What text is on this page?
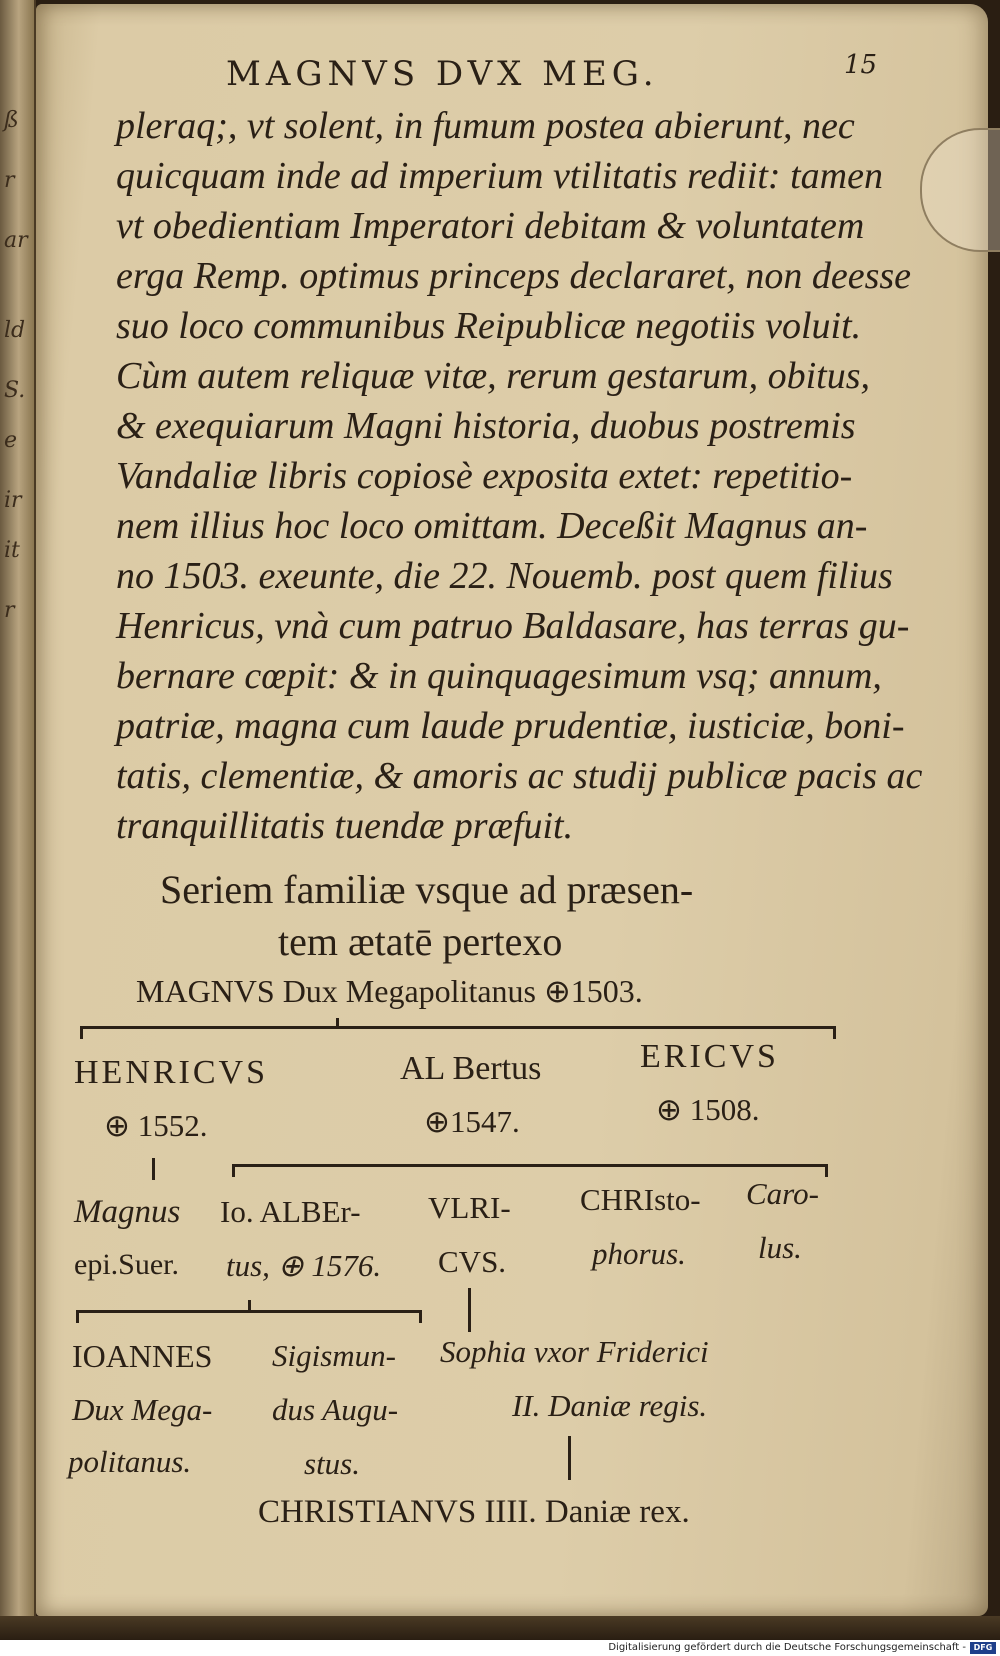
ß
r
ar
ld
S.
e
ir
it
r
MAGNVS DVX MEG.	15
pleraq;, vt solent, in fumum postea abierunt, nec
quicquam inde ad imperium vtilitatis rediit: tamen
vt obedientiam Imperatori debitam & voluntatem
erga Remp. optimus princeps declararet, non deesse
suo loco communibus Reipublicæ negotiis voluit.
Cùm autem reliquæ vitæ, rerum gestarum, obitus,
& exequiarum Magni historia, duobus postremis
Vandaliæ libris copiosè exposita extet: repetitio-
nem illius hoc loco omittam. Deceßit Magnus an-
no 1503. exeunte, die 22. Nouemb. post quem filius
Henricus, vnà cum patruo Baldasare, has terras gu-
bernare cœpit: & in quinquagesimum vsq; annum,
patriæ, magna cum laude prudentiæ, iusticiæ, boni-
tatis, clementiæ, & amoris ac studij publicæ pacis ac
tranquillitatis tuendæ præfuit.
Seriem familiæ vsque ad præsen-
tem ætatē pertexo
MAGNVS Dux Megapolitanus ⊕1503.
HENRICVS
⊕ 1552.
AL Bertus
⊕1547.
ERICVS
⊕ 1508.
Magnus
epi.Suer.
Io. ALBEr-
tus, ⊕ 1576.
VLRI-
CVS.
CHRIsto-
phorus.
Caro-
lus.
IOANNES
Dux Mega-
politanus.
Sigismun-
dus Augu-
stus.
Sophia vxor Friderici
II. Daniæ regis.
CHRISTIANVS IIII. Daniæ rex.
Digitalisierung gefördert durch die Deutsche Forschungsgemeinschaft - DFG
